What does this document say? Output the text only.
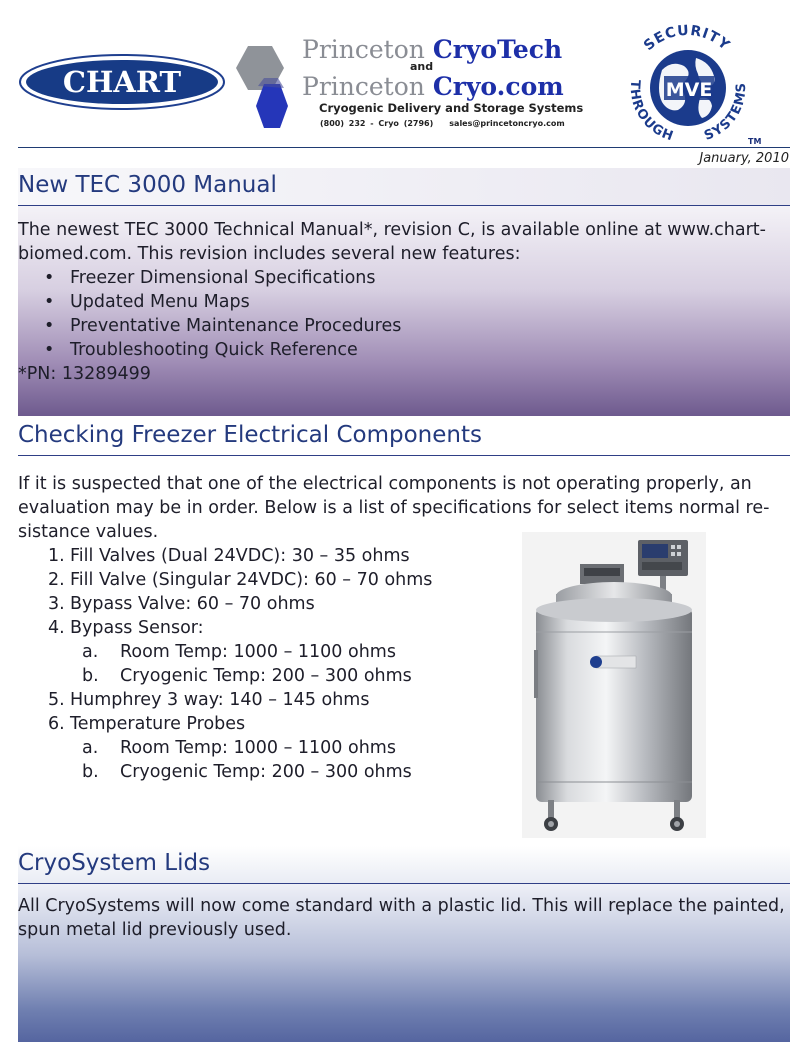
CHART
Princeton CryoTech
and
Princeton Cryo.com
Cryogenic Delivery and Storage Systems
(800) 232 - Cryo (2796) sales@princetoncryo.com
MVE
SECURITY
THROUGH SYSTEMS
TM
January, 2010
New TEC 3000 Manual

The newest TEC 3000 Technical Manual*, revision C, is available online at www.chart-biomed.com. This revision includes several new features:

• Freezer Dimensional Specifications
• Updated Menu Maps
• Preventative Maintenance Procedures
• Troubleshooting Quick Reference

*PN: 13289499

Checking Freezer Electrical Components

If it is suspected that one of the electrical components is not operating properly, an evaluation may be in order. Below is a list of specifications for select items normal re-sistance values.

1. Fill Valves (Dual 24VDC): 30 – 35 ohms
2. Fill Valve (Singular 24VDC): 60 – 70 ohms
3. Bypass Valve: 60 – 70 ohms
4. Bypass Sensor:
a. Room Temp: 1000 – 1100 ohms
b. Cryogenic Temp: 200 – 300 ohms
5. Humphrey 3 way: 140 – 145 ohms
6. Temperature Probes
a. Room Temp: 1000 – 1100 ohms
b. Cryogenic Temp: 200 – 300 ohms
CryoSystem Lids

All CryoSystems will now come standard with a plastic lid. This will replace the painted, spun metal lid previously used.
